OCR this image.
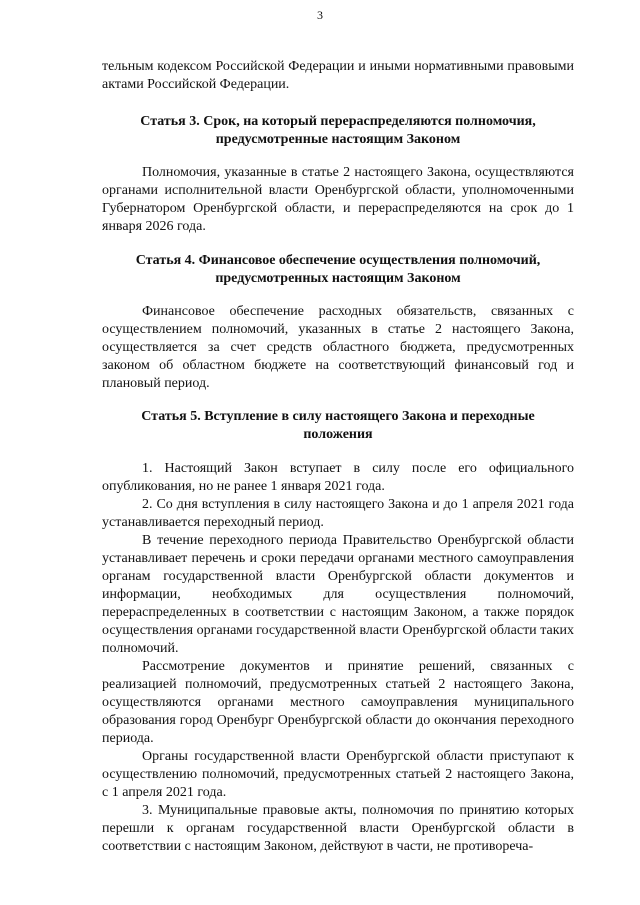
3

тельным кодексом Российской Федерации и иными нормативными правовыми актами Российской Федерации.

Статья 3. Срок, на который перераспределяются полномочия,
предусмотренные настоящим Законом

Полномочия, указанные в статье 2 настоящего Закона, осуществляются органами исполнительной власти Оренбургской области, уполномоченными Губернатором Оренбургской области, и перераспределяются на срок до 1 января 2026 года.

Статья 4. Финансовое обеспечение осуществления полномочий,
предусмотренных настоящим Законом

Финансовое обеспечение расходных обязательств, связанных с осуществлением полномочий, указанных в статье 2 настоящего Закона, осуществляется за счет средств областного бюджета, предусмотренных законом об областном бюджете на соответствующий финансовый год и плановый период.

Статья 5. Вступление в силу настоящего Закона и переходные
положения

1. Настоящий Закон вступает в силу после его официального опубликования, но не ранее 1 января 2021 года.

2. Со дня вступления в силу настоящего Закона и до 1 апреля 2021 года устанавливается переходный период.

В течение переходного периода Правительство Оренбургской области устанавливает перечень и сроки передачи органами местного самоуправления органам государственной власти Оренбургской области документов и информации, необходимых для осуществления полномочий, перераспределенных в соответствии с настоящим Законом, а также порядок осуществления органами государственной власти Оренбургской области таких полномочий.

Рассмотрение документов и принятие решений, связанных с реализацией полномочий, предусмотренных статьей 2 настоящего Закона, осуществляются органами местного самоуправления муниципального образования город Оренбург Оренбургской области до окончания переходного периода.

Органы государственной власти Оренбургской области приступают к осуществлению полномочий, предусмотренных статьей 2 настоящего Закона, с 1 апреля 2021 года.

3. Муниципальные правовые акты, полномочия по принятию которых перешли к органам государственной власти Оренбургской области в соответствии с настоящим Законом, действуют в части, не противореча-
